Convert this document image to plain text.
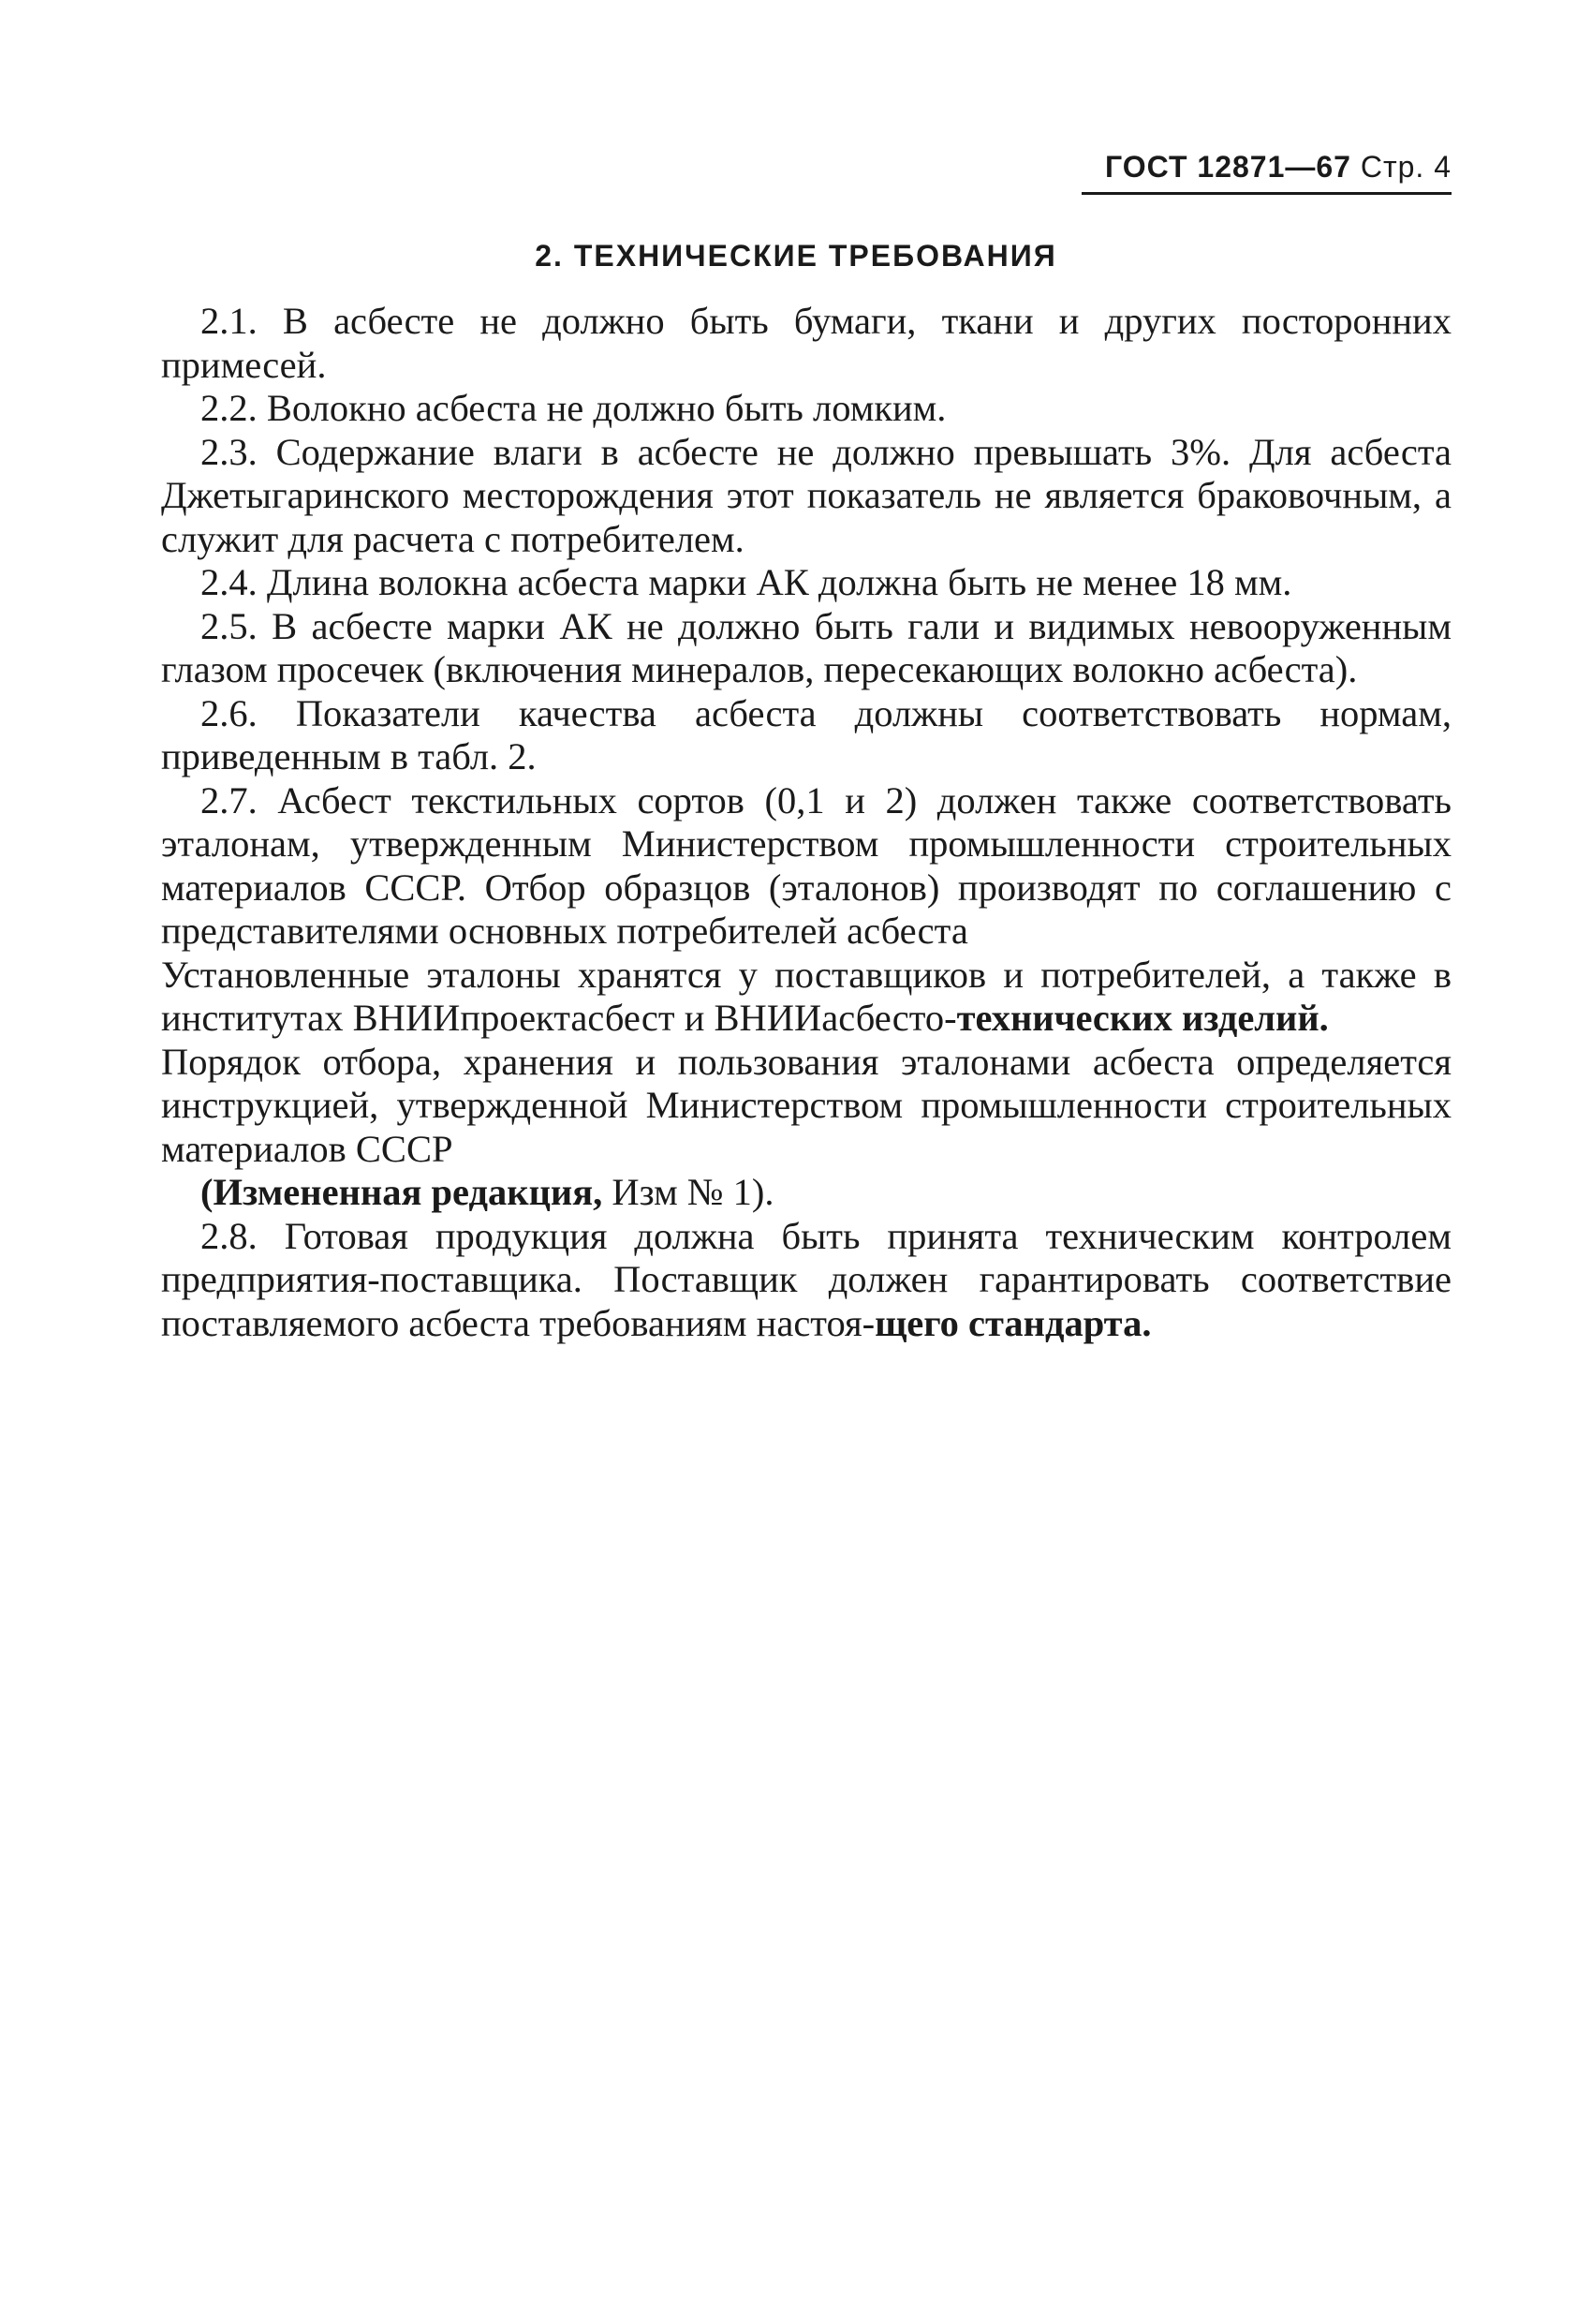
ГОСТ 12871—67 Стр. 4
2. ТЕХНИЧЕСКИЕ ТРЕБОВАНИЯ

2.1. В асбесте не должно быть бумаги, ткани и других посторонних примесей.

2.2. Волокно асбеста не должно быть ломким.

2.3. Содержание влаги в асбесте не должно превышать 3%. Для асбеста Джетыгаринского месторождения этот показатель не является браковочным, а служит для расчета с потребителем.

2.4. Длина волокна асбеста марки АК должна быть не менее 18 мм.

2.5. В асбесте марки АК не должно быть гали и видимых невооруженным глазом просечек (включения минералов, пересекающих волокно асбеста).

2.6. Показатели качества асбеста должны соответствовать нормам, приведенным в табл. 2.

2.7. Асбест текстильных сортов (0,1 и 2) должен также соответствовать эталонам, утвержденным Министерством промышленности строительных материалов СССР. Отбор образцов (эталонов) производят по соглашению с представителями основных потребителей асбеста

Установленные эталоны хранятся у поставщиков и потребителей, а также в институтах ВНИИпроектасбест и ВНИИасбесто-технических изделий.

Порядок отбора, хранения и пользования эталонами асбеста определяется инструкцией, утвержденной Министерством промышленности строительных материалов СССР

(Измененная редакция, Изм № 1).

2.8. Готовая продукция должна быть принята техническим контролем предприятия-поставщика. Поставщик должен гарантировать соответствие поставляемого асбеста требованиям настоя-щего стандарта.
